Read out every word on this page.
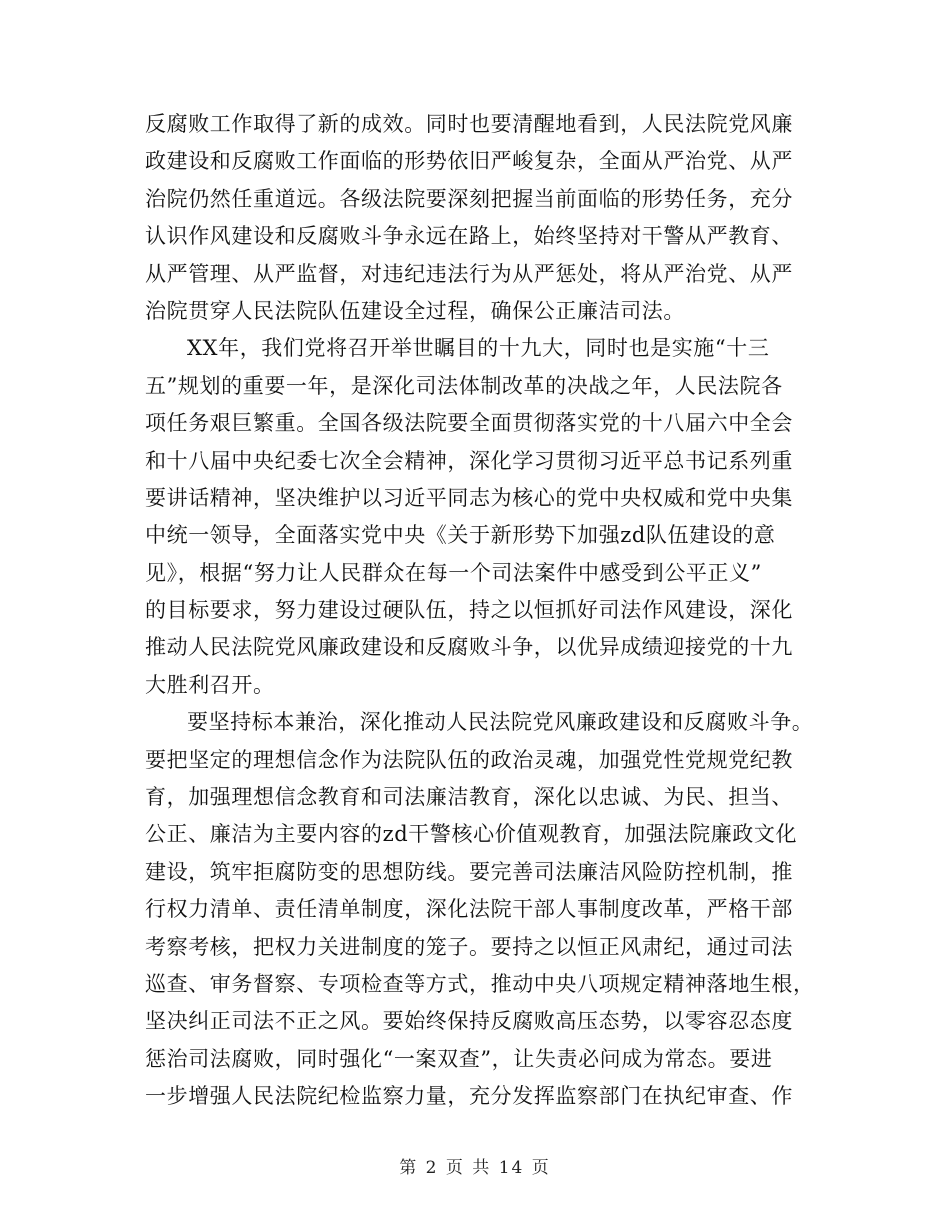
反腐败工作取得了新的成效。同时也要清醒地看到，人民法院党风廉
政建设和反腐败工作面临的形势依旧严峻复杂，全面从严治党、从严
治院仍然任重道远。各级法院要深刻把握当前面临的形势任务，充分
认识作风建设和反腐败斗争永远在路上，始终坚持对干警从严教育、
从严管理、从严监督，对违纪违法行为从严惩处，将从严治党、从严
治院贯穿人民法院队伍建设全过程，确保公正廉洁司法。
XX年，我们党将召开举世瞩目的十九大，同时也是实施“十三
五”规划的重要一年，是深化司法体制改革的决战之年，人民法院各
项任务艰巨繁重。全国各级法院要全面贯彻落实党的十八届六中全会
和十八届中央纪委七次全会精神，深化学习贯彻习近平总书记系列重
要讲话精神，坚决维护以习近平同志为核心的党中央权威和党中央集
中统一领导，全面落实党中央《关于新形势下加强zd队伍建设的意
见》，根据“努力让人民群众在每一个司法案件中感受到公平正义”
的目标要求，努力建设过硬队伍，持之以恒抓好司法作风建设，深化
推动人民法院党风廉政建设和反腐败斗争，以优异成绩迎接党的十九
大胜利召开。
要坚持标本兼治，深化推动人民法院党风廉政建设和反腐败斗争。
要把坚定的理想信念作为法院队伍的政治灵魂，加强党性党规党纪教
育，加强理想信念教育和司法廉洁教育，深化以忠诚、为民、担当、
公正、廉洁为主要内容的zd干警核心价值观教育，加强法院廉政文化
建设，筑牢拒腐防变的思想防线。要完善司法廉洁风险防控机制，推
行权力清单、责任清单制度，深化法院干部人事制度改革，严格干部
考察考核，把权力关进制度的笼子。要持之以恒正风肃纪，通过司法
巡查、审务督察、专项检查等方式，推动中央八项规定精神落地生根，
坚决纠正司法不正之风。要始终保持反腐败高压态势，以零容忍态度
惩治司法腐败，同时强化“一案双查”，让失责必问成为常态。要进
一步增强人民法院纪检监察力量，充分发挥监察部门在执纪审查、作
第 2 页 共 14 页
